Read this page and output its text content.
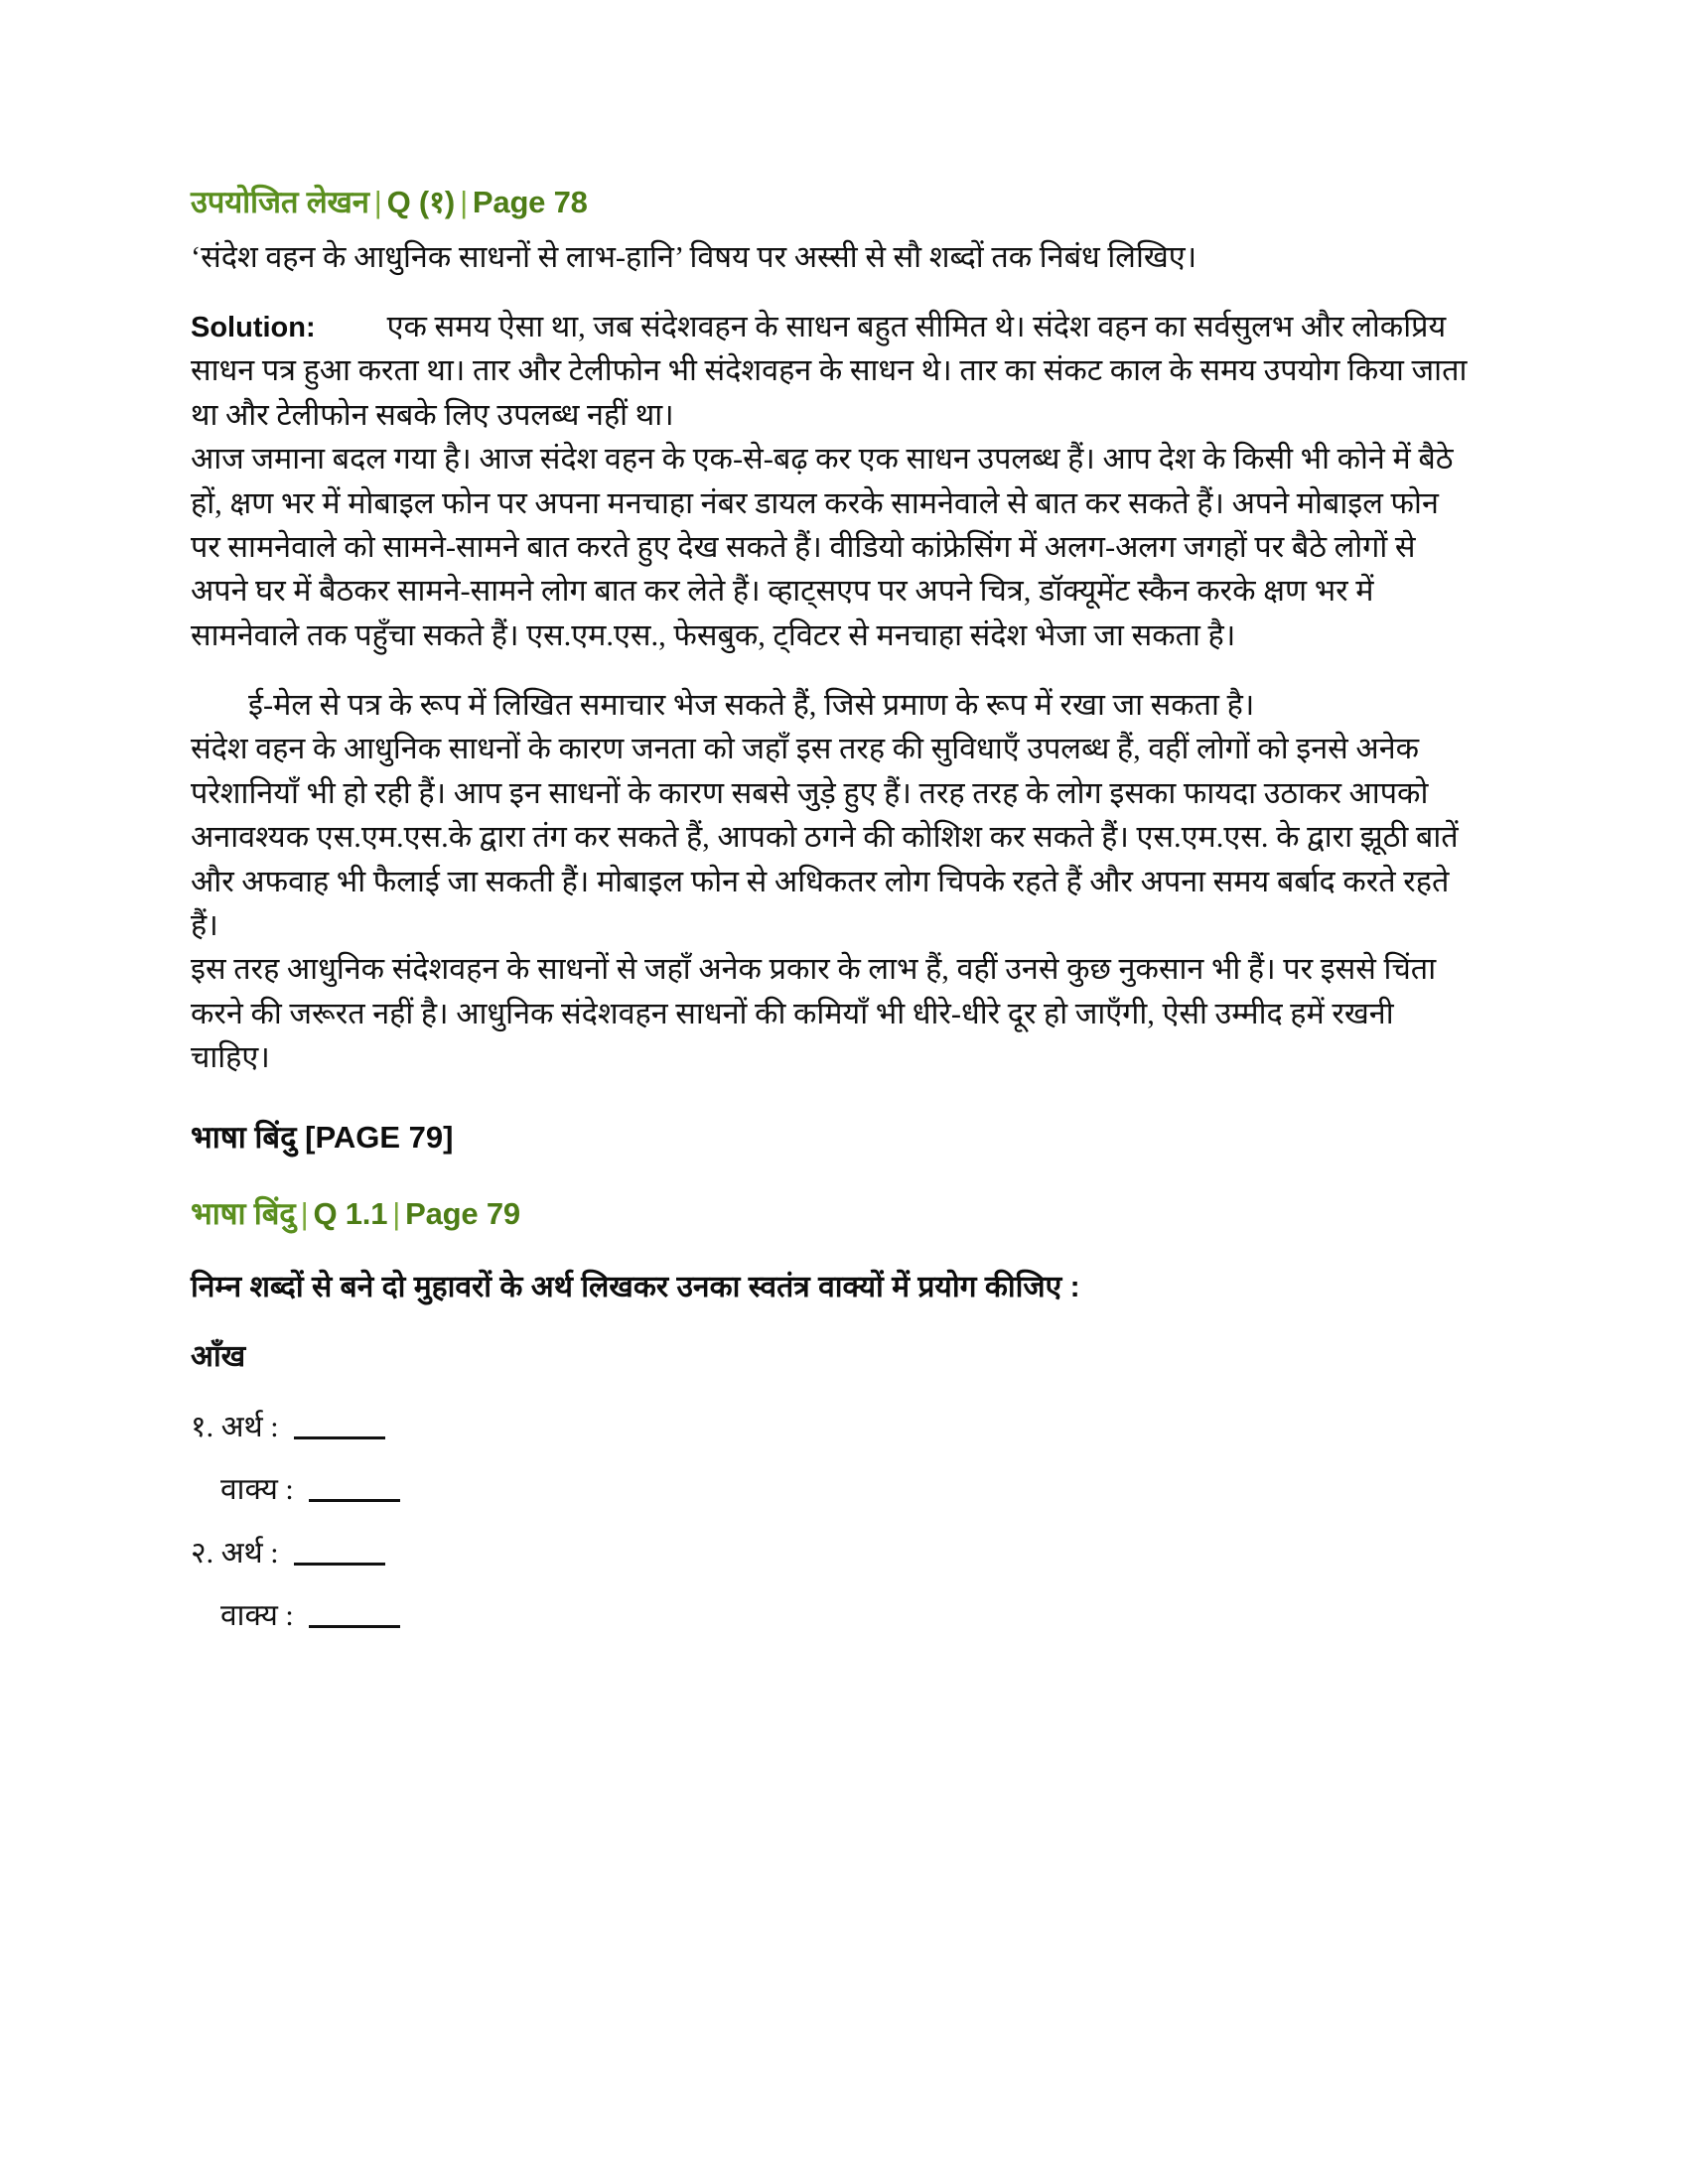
उपयोजित लेखन | Q (१) | Page 78

‘संदेश वहन के आधुनिक साधनों से लाभ-हानि’ विषय पर अस्सी से सौ शब्दों तक निबंध लिखिए।

Solution: एक समय ऐसा था, जब संदेशवहन के साधन बहुत सीमित थे। संदेश वहन का सर्वसुलभ और लोकप्रिय साधन पत्र हुआ करता था। तार और टेलीफोन भी संदेशवहन के साधन थे। तार का संकट काल के समय उपयोग किया जाता था और टेलीफोन सबके लिए उपलब्ध नहीं था।

आज जमाना बदल गया है। आज संदेश वहन के एक-से-बढ़ कर एक साधन उपलब्ध हैं। आप देश के किसी भी कोने में बैठे हों, क्षण भर में मोबाइल फोन पर अपना मनचाहा नंबर डायल करके सामनेवाले से बात कर सकते हैं। अपने मोबाइल फोन पर सामनेवाले को सामने-सामने बात करते हुए देख सकते हैं। वीडियो कांफ्रेसिंग में अलग-अलग जगहों पर बैठे लोगों से अपने घर में बैठकर सामने-सामने लोग बात कर लेते हैं। व्हाट्सएप पर अपने चित्र, डॉक्यूमेंट स्कैन करके क्षण भर में सामनेवाले तक पहुँचा सकते हैं। एस.एम.एस., फेसबुक, ट्विटर से मनचाहा संदेश भेजा जा सकता है।

ई-मेल से पत्र के रूप में लिखित समाचार भेज सकते हैं, जिसे प्रमाण के रूप में रखा जा सकता है।

संदेश वहन के आधुनिक साधनों के कारण जनता को जहाँ इस तरह की सुविधाएँ उपलब्ध हैं, वहीं लोगों को इनसे अनेक परेशानियाँ भी हो रही हैं। आप इन साधनों के कारण सबसे जुड़े हुए हैं। तरह तरह के लोग इसका फायदा उठाकर आपको अनावश्यक एस.एम.एस.के द्वारा तंग कर सकते हैं, आपको ठगने की कोशिश कर सकते हैं। एस.एम.एस. के द्वारा झूठी बातें और अफवाह भी फैलाई जा सकती हैं। मोबाइल फोन से अधिकतर लोग चिपके रहते हैं और अपना समय बर्बाद करते रहते हैं।

इस तरह आधुनिक संदेशवहन के साधनों से जहाँ अनेक प्रकार के लाभ हैं, वहीं उनसे कुछ नुकसान भी हैं। पर इससे चिंता करने की जरूरत नहीं है। आधुनिक संदेशवहन साधनों की कमियाँ भी धीरे-धीरे दूर हो जाएँगी, ऐसी उम्मीद हमें रखनी चाहिए।

भाषा बिंदु [PAGE 79]
भाषा बिंदु | Q 1.1 | Page 79
निम्न शब्दों से बने दो मुहावरों के अर्थ लिखकर उनका स्वतंत्र वाक्यों में प्रयोग कीजिए :
आँख
१. अर्थ :
वाक्य :
२. अर्थ :
वाक्य :
